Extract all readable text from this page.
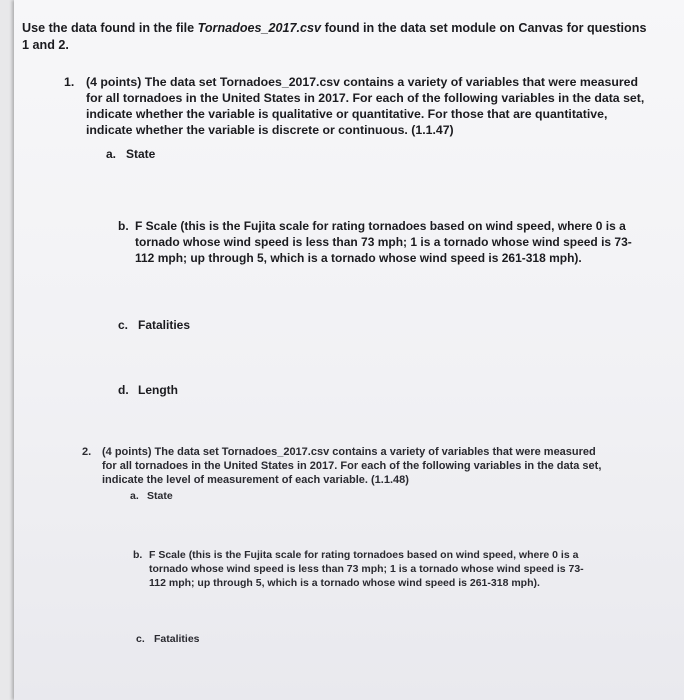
Use the data found in the file Tornadoes_2017.csv found in the data set module on Canvas for questions
1 and 2.
1. (4 points) The data set Tornadoes_2017.csv contains a variety of variables that were measured
for all tornadoes in the United States in 2017. For each of the following variables in the data set,
indicate whether the variable is qualitative or quantitative. For those that are quantitative,
indicate whether the variable is discrete or continuous. (1.1.47)
a. State
b. F Scale (this is the Fujita scale for rating tornadoes based on wind speed, where 0 is a
tornado whose wind speed is less than 73 mph; 1 is a tornado whose wind speed is 73-
112 mph; up through 5, which is a tornado whose wind speed is 261-318 mph).
c. Fatalities
d. Length
2. (4 points) The data set Tornadoes_2017.csv contains a variety of variables that were measured
for all tornadoes in the United States in 2017. For each of the following variables in the data set,
indicate the level of measurement of each variable. (1.1.48)
a. State
b. F Scale (this is the Fujita scale for rating tornadoes based on wind speed, where 0 is a
tornado whose wind speed is less than 73 mph; 1 is a tornado whose wind speed is 73-
112 mph; up through 5, which is a tornado whose wind speed is 261-318 mph).
c. Fatalities
